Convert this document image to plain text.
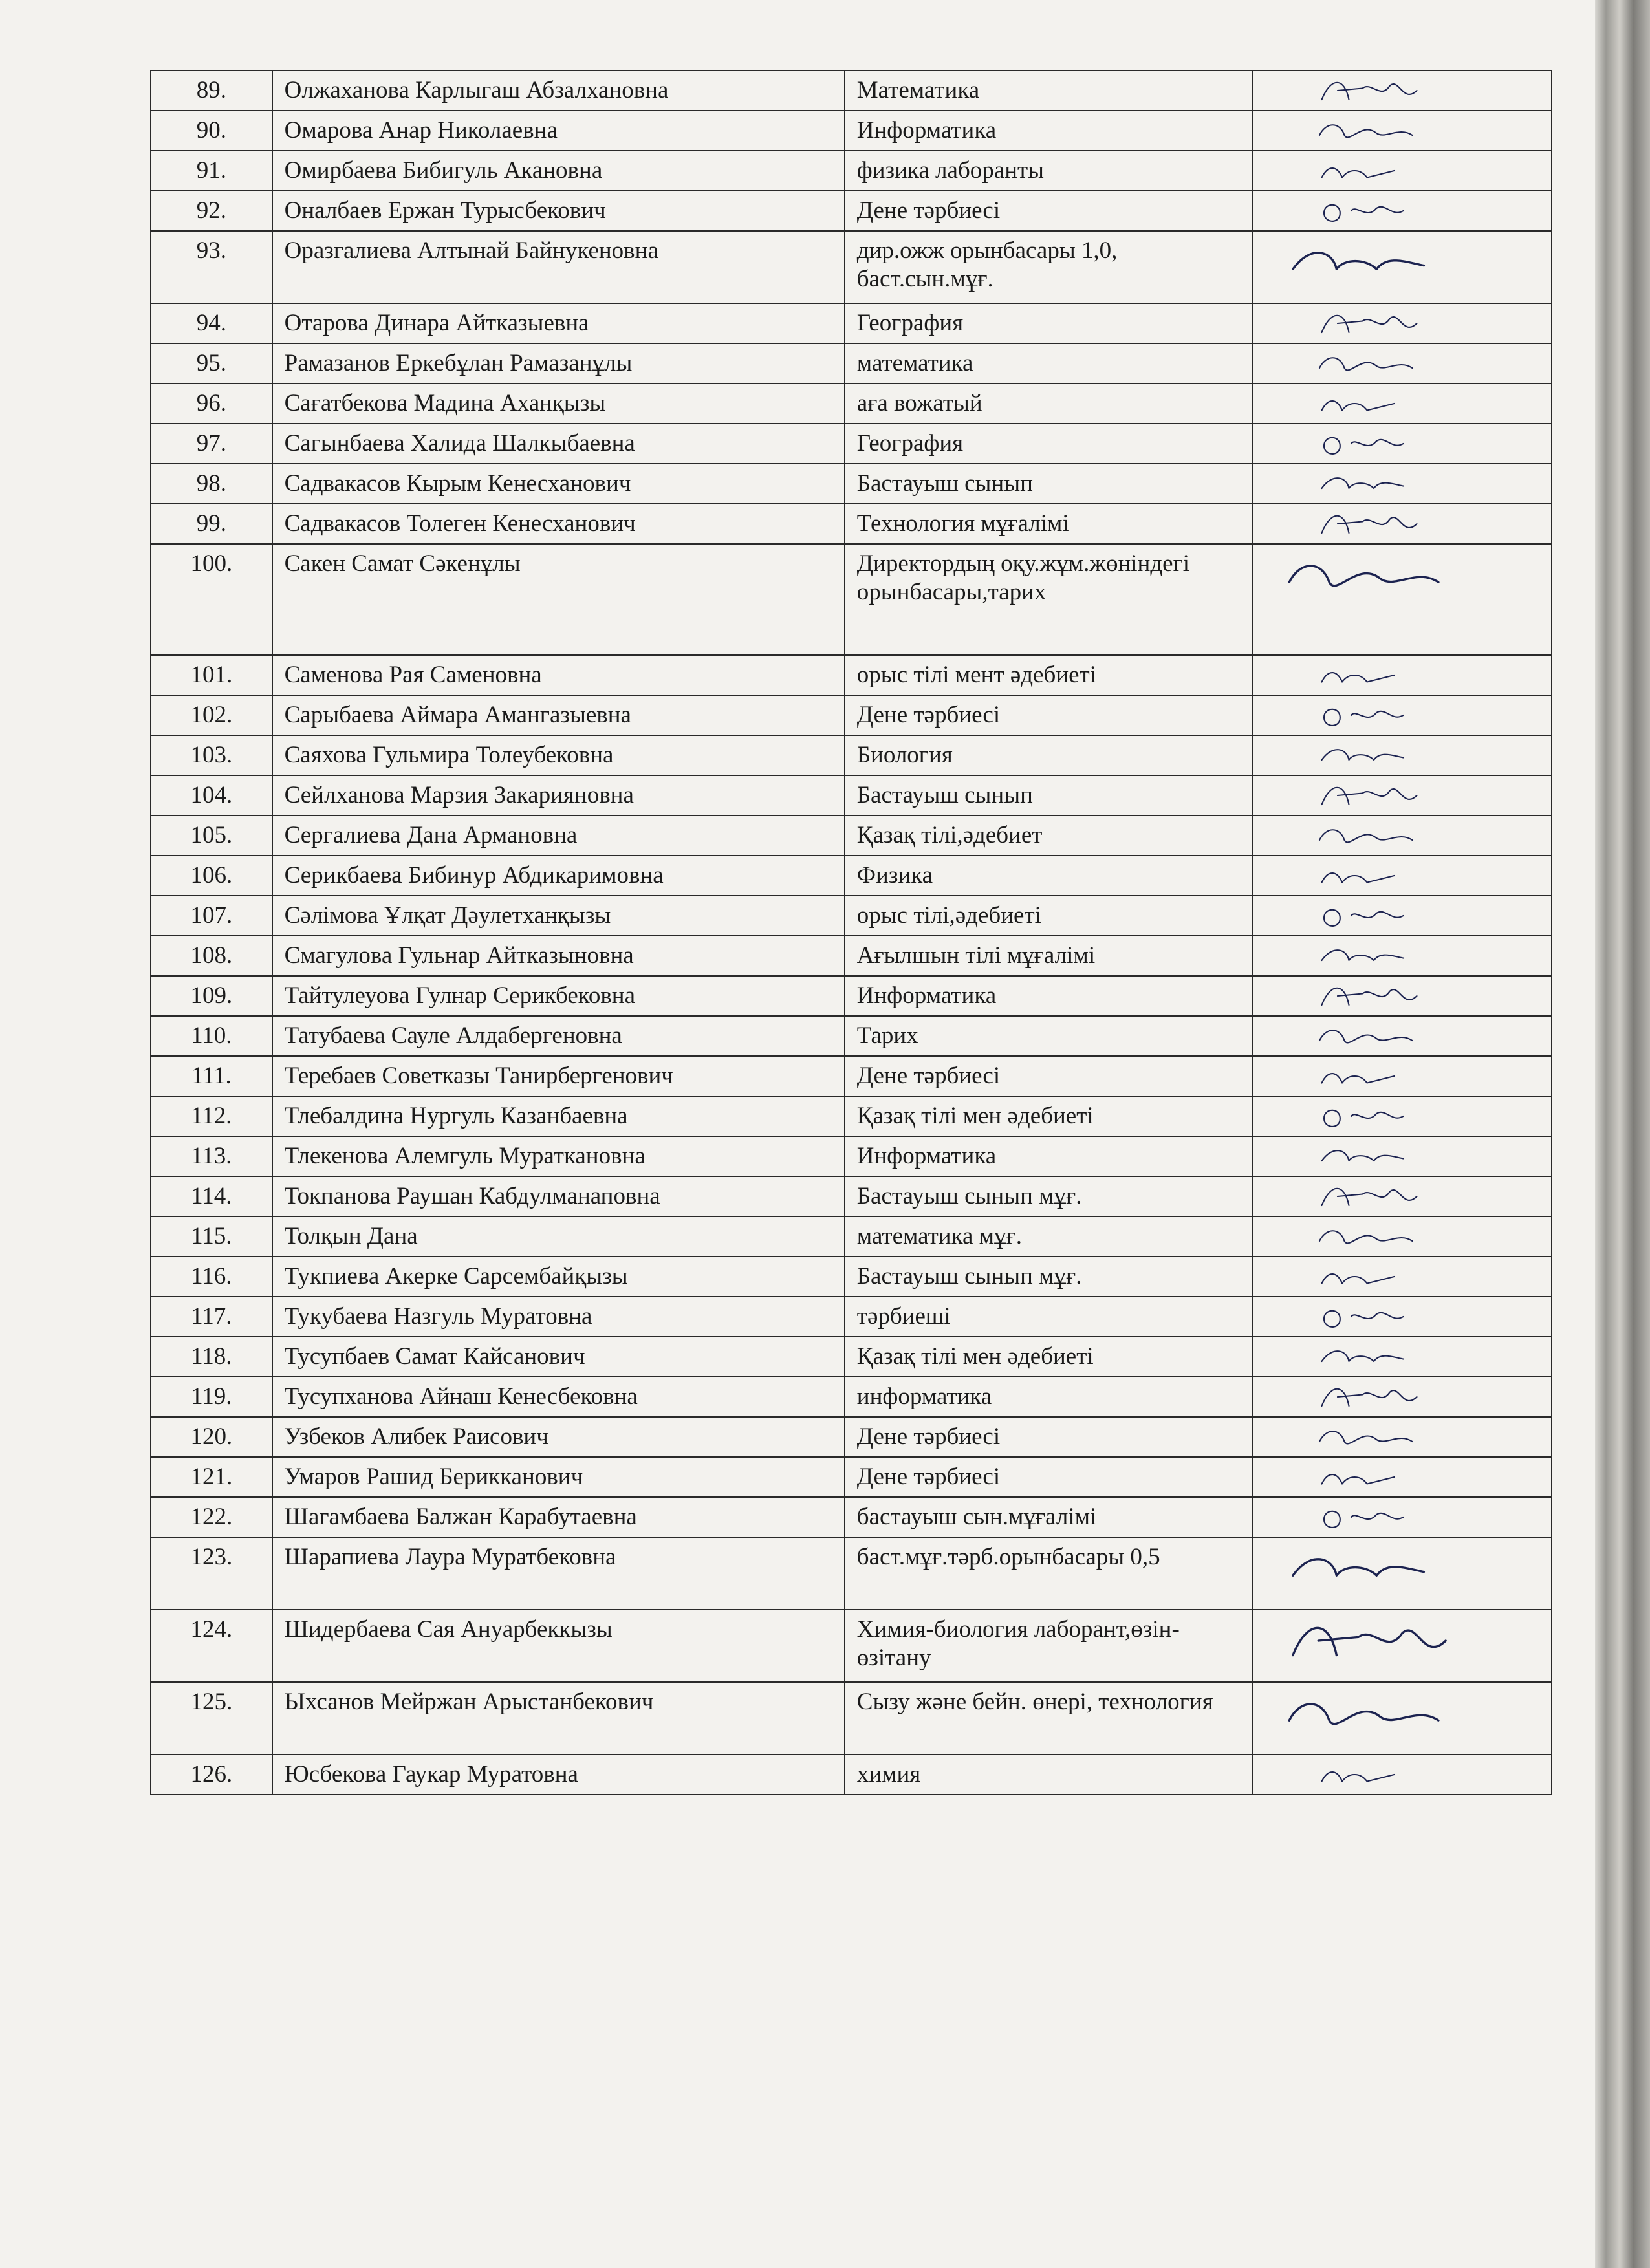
89.	Олжаханова Карлыгаш Абзалхановна	Математика	

90.	Омарова Анар Николаевна	Информатика	

91.	Омирбаева Бибигуль Акановна	физика лаборанты	

92.	Оналбаев Ержан Турысбекович	Дене тәрбиесі	

93.	Оразгалиева Алтынай Байнукеновна	дир.ожж орынбасары 1,0, баст.сын.мұғ.	

94.	Отарова Динара Айтказыевна	География	

95.	Рамазанов Еркебұлан Рамазанұлы	математика	

96.	Сағатбекова Мадина Аханқызы	аға вожатый	

97.	Сагынбаева Халида Шалкыбаевна	География	

98.	Садвакасов Кырым Кенесханович	Бастауыш сынып	

99.	Садвакасов Толеген Кенесханович	Технология мұғалімі	

100.	Сакен Самат Сәкенұлы	Директордың оқу.жұм.жөніндегі орынбасары,тарих	

101.	Саменова Рая Саменовна	орыс тілі мент әдебиеті	

102.	Сарыбаева Аймара Амангазыевна	Дене тәрбиесі	

103.	Саяхова Гульмира Толеубековна	Биология	

104.	Сейлханова Марзия Закарияновна	Бастауыш сынып	

105.	Сергалиева Дана Армановна	Қазақ тілі,әдебиет	

106.	Серикбаева Бибинур Абдикаримовна	Физика	

107.	Сәлімова Ұлқат Дәулетханқызы	орыс тілі,әдебиеті	

108.	Смагулова Гульнар Айтказыновна	Ағылшын тілі мұғалімі	

109.	Тайтулеуова Гулнар Серикбековна	Информатика	

110.	Татубаева Сауле Алдабергеновна	Тарих	

111.	Теребаев Советказы Танирбергенович	Дене тәрбиесі	

112.	Тлебалдина Нургуль Казанбаевна	Қазақ тілі мен әдебиеті	

113.	Тлекенова Алемгуль Мураткановна	Информатика	

114.	Токпанова Раушан Кабдулманаповна	Бастауыш сынып мұғ.	

115.	Толқын Дана	математика мұғ.	

116.	Тукпиева Акерке Сарсембайқызы	Бастауыш сынып мұғ.	

117.	Тукубаева Назгуль Муратовна	тәрбиеші	

118.	Тусупбаев Самат Кайсанович	Қазақ тілі мен әдебиеті	

119.	Тусупханова Айнаш Кенесбековна	информатика	

120.	Узбеков Алибек Раисович	Дене тәрбиесі	

121.	Умаров Рашид Берикканович	Дене тәрбиесі	

122.	Шагамбаева Балжан Карабутаевна	бастауыш сын.мұғалімі	

123.	Шарапиева Лаура Муратбековна	баст.мұғ.тәрб.орынбасары 0,5	

124.	Шидербаева Сая Ануарбеккызы	Химия-биология лаборант,өзін-өзітану	

125.	Ыхсанов Мейржан Арыстанбекович	Сызу және бейн. өнері, технология	

126.	Юсбекова Гаукар Муратовна	химия	
